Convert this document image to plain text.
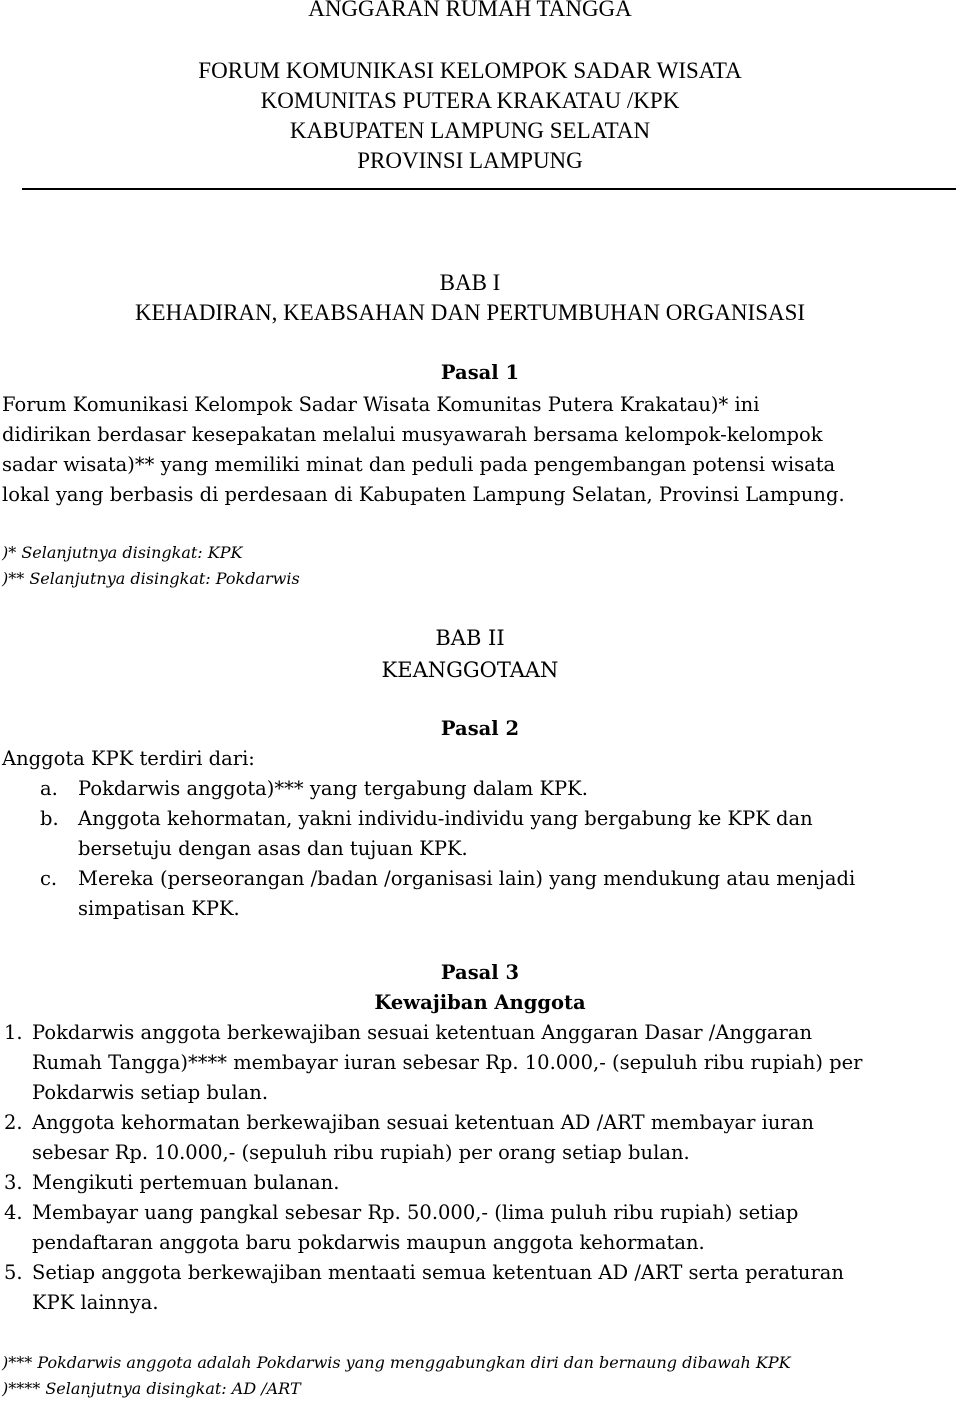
ANGGARAN RUMAH TANGGA
FORUM KOMUNIKASI KELOMPOK SADAR WISATA
KOMUNITAS PUTERA KRAKATAU /KPK
KABUPATEN LAMPUNG SELATAN
PROVINSI LAMPUNG
BAB I
KEHADIRAN, KEABSAHAN DAN PERTUMBUHAN ORGANISASI
Pasal 1
Forum Komunikasi Kelompok Sadar Wisata Komunitas Putera Krakatau)* ini
didirikan berdasar kesepakatan melalui musyawarah bersama kelompok-kelompok
sadar wisata)** yang memiliki minat dan peduli pada pengembangan potensi wisata
lokal yang berbasis di perdesaan di Kabupaten Lampung Selatan, Provinsi Lampung.
)* Selanjutnya disingkat: KPK
)** Selanjutnya disingkat: Pokdarwis
BAB II
KEANGGOTAAN
Pasal 2
Anggota KPK terdiri dari:
a. Pokdarwis anggota)*** yang tergabung dalam KPK.
b. Anggota kehormatan, yakni individu-individu yang bergabung ke KPK dan
bersetuju dengan asas dan tujuan KPK.
c. Mereka (perseorangan /badan /organisasi lain) yang mendukung atau menjadi
simpatisan KPK.
Pasal 3
Kewajiban Anggota
1. Pokdarwis anggota berkewajiban sesuai ketentuan Anggaran Dasar /Anggaran
Rumah Tangga)**** membayar iuran sebesar Rp. 10.000,- (sepuluh ribu rupiah) per
Pokdarwis setiap bulan.
2. Anggota kehormatan berkewajiban sesuai ketentuan AD /ART membayar iuran
sebesar Rp. 10.000,- (sepuluh ribu rupiah) per orang setiap bulan.
3. Mengikuti pertemuan bulanan.
4. Membayar uang pangkal sebesar Rp. 50.000,- (lima puluh ribu rupiah) setiap
pendaftaran anggota baru pokdarwis maupun anggota kehormatan.
5. Setiap anggota berkewajiban mentaati semua ketentuan AD /ART serta peraturan
KPK lainnya.
)*** Pokdarwis anggota adalah Pokdarwis yang menggabungkan diri dan bernaung dibawah KPK
)**** Selanjutnya disingkat: AD /ART
